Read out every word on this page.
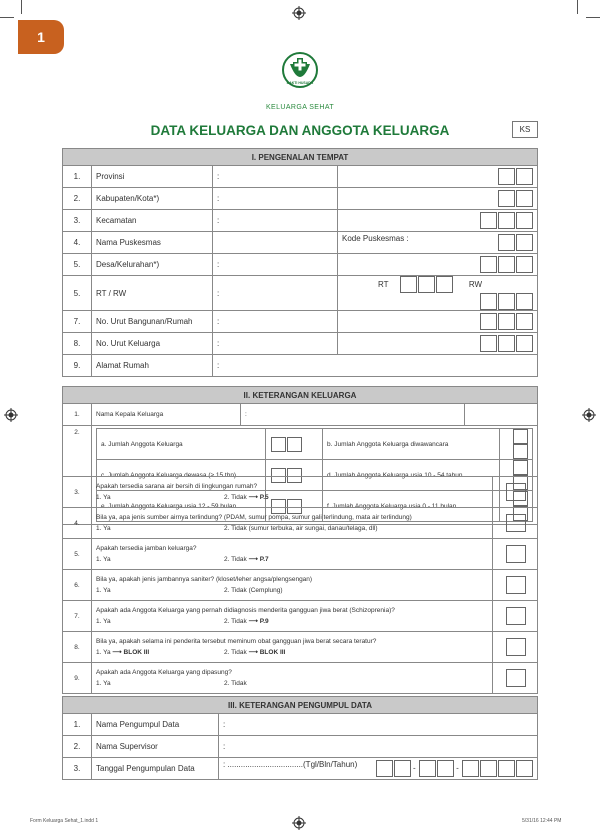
1
BAKTI HUSADA
KELUARGA SEHAT
DATA KELUARGA DAN ANGGOTA KELUARGA	KS
I. PENGENALAN TEMPAT			
1.	Provinsi	:	
2.	Kabupaten/Kota*)	:	
3.	Kecamatan	:	
4.	Nama Puskesmas		Kode Puskesmas :

5.	Desa/Kelurahan*)	:	
5.	RT / RW	:	RT RW

7.	No. Urut Bangunan/Rumah	:	
8.	No. Urut Keluarga	:	
9.	Alamat Rumah	:	
II. KETERANGAN KELUARGA
1.	Nama Kepala Keluarga	:	
2.	
a. Jumlah Anggota Keluarga		b. Jumlah Anggota Keluarga diwawancara	
c. Jumlah Anggota Keluarga dewasa (≥ 15 thn)		d. Jumlah Anggota Keluarga usia 10 - 54 tahun	
e. Jumlah Anggota Keluarga usia 12 - 59 bulan		f. Jumlah Anggota Keluarga usia 0 - 11 bulan	
3.	Apakah tersedia sarana air bersih di lingkungan rumah?
1. Ya 2. Tidak ⟶ P.5	

4.	Bila ya, apa jenis sumber airnya terlindung? (PDAM, sumur pompa, sumur gali terlindung, mata air terlindung)
1. Ya 2. Tidak (sumur terbuka, air sungai, danau/telaga, dll)	

5.	Apakah tersedia jamban keluarga?
1. Ya 2. Tidak ⟶ P.7	

6.	Bila ya, apakah jenis jambannya saniter? (kloset/leher angsa/plengsengan)
1. Ya 2. Tidak (Cemplung)	

7.	Apakah ada Anggota Keluarga yang pernah didiagnosis menderita gangguan jiwa berat (Schizoprenia)?
1. Ya 2. Tidak ⟶ P.9	

8.	Bila ya, apakah selama ini penderita tersebut meminum obat gangguan jiwa berat secara teratur?
1. Ya ⟶ BLOK III 2. Tidak ⟶ BLOK III	

9.	Apakah ada Anggota Keluarga yang dipasung?
1. Ya 2. Tidak	

III. KETERANGAN PENGUMPUL DATA		
1.	Nama Pengumpul Data	:
2.	Nama Supervisor	:
3.	Tanggal Pengumpulan Data	: ..................................(Tgl/Bln/Tahun) - -
Form Keluarga Sehat_1.indd 1	5/31/16 12:44 PM
